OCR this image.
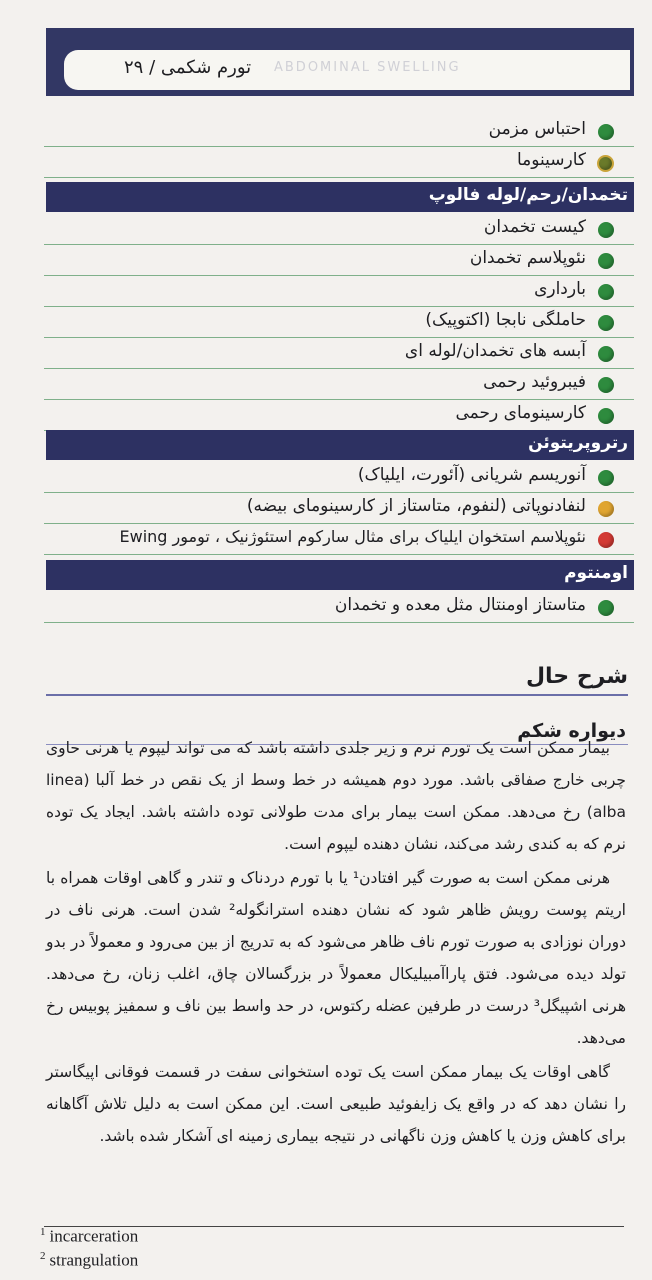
ABDOMINAL SWELLING
تورم شکمی / ۲۹
احتباس مزمن
کارسینوما
تخمدان/رحم/لوله فالوپ
کیست تخمدان
نئوپلاسم تخمدان
بارداری
حاملگی نابجا (اکتوپیک)
آبسه های تخمدان/لوله ای
فیبروئید رحمی
کارسینومای رحمی
رتروپریتوئن
آنوریسم شریانی (آئورت، ایلیاک)
لنفادنوپاتی (لنفوم، متاستاز از کارسینومای بیضه)
نئوپلاسم استخوان ایلیاک برای مثال سارکوم استئوژنیک ، تومور Ewing
اومنتوم
متاستاز اومنتال مثل معده و تخمدان
شرح حال
دیواره شکم

بیمار ممکن است یک تورم نرم و زیر جلدی داشته باشد که می تواند لیپوم یا هرنی حاوی چربی خارج صفاقی باشد. مورد دوم همیشه در خط وسط از یک نقص در خط آلبا (linea alba) رخ می‌دهد. ممکن است بیمار برای مدت طولانی توده داشته باشد. ایجاد یک توده نرم که به کندی رشد می‌کند، نشان دهنده لیپوم است.

هرنی ممکن است به صورت گیر افتادن¹ یا با تورم دردناک و تندر و گاهی اوقات همراه با اریتم پوست رویش ظاهر شود که نشان دهنده استرانگوله² شدن است. هرنی ناف در دوران نوزادی به صورت تورم ناف ظاهر می‌شود که به تدریج از بین می‌رود و معمولاً در بدو تولد دیده می‌شود. فتق پاراآمبیلیکال معمولاً در بزرگسالان چاق، اغلب زنان، رخ می‌دهد. هرنی اشپیگل³ درست در طرفین عضله رکتوس، در حد واسط بین ناف و سمفیز پوبیس رخ می‌دهد.

گاهی اوقات یک بیمار ممکن است یک توده استخوانی سفت در قسمت فوقانی اپیگاستر را نشان دهد که در واقع یک زایفوئید طبیعی است. این ممکن است به دلیل تلاش آگاهانه برای کاهش وزن یا کاهش وزن ناگهانی در نتیجه بیماری زمینه ای آشکار شده باشد.

$^1$ incarceration
$^2$ strangulation
